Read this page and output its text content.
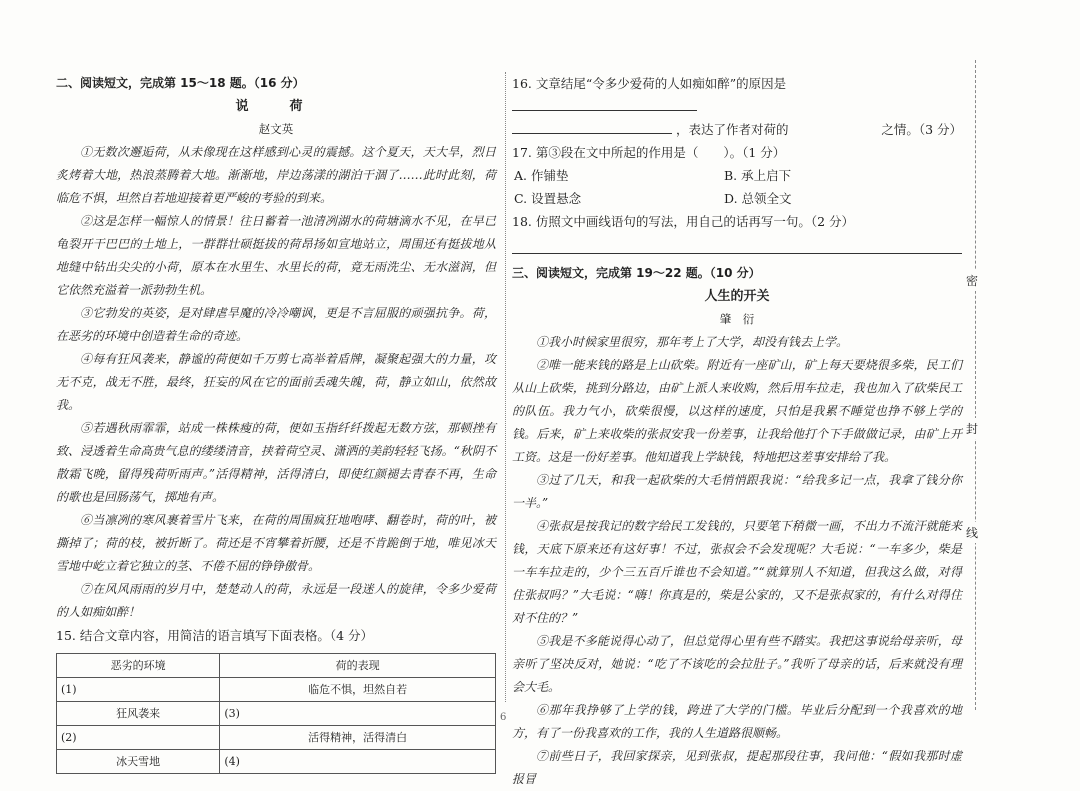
二、阅读短文，完成第 15～18 题。（16 分）
说　荷
赵文英
①无数次邂逅荷，从未像现在这样感到心灵的震撼。这个夏天，天大旱，烈日炙烤着大地，热浪蒸腾着大地。渐渐地，岸边荡漾的湖泊干涸了……此时此刻，荷临危不惧，坦然自若地迎接着更严峻的考验的到来。
②这是怎样一幅惊人的情景！往日蓄着一池清冽湖水的荷塘滴水不见，在早已龟裂开干巴巴的土地上，一群群壮硕挺拔的荷昂扬如宣地站立，周围还有挺拔地从地缝中钻出尖尖的小荷，原本在水里生、水里长的荷，竟无雨洗尘、无水滋润，但它依然充溢着一派勃勃生机。
③它勃发的英姿，是对肆虐旱魔的冷冷嘲讽，更是不言屈服的顽强抗争。荷，在恶劣的环境中创造着生命的奇迹。
④每有狂风袭来，静谧的荷便如千万剪七高举着盾牌，凝聚起强大的力量，攻无不克，战无不胜，最终，狂妄的风在它的面前丢魂失魄，荷，静立如山，依然故我。
⑤若遇秋雨霏霏，站成一株株瘦的荷，便如玉指纤纤拨起无数方弦，那顿挫有致、浸透着生命高贵气息的缕缕清音，挟着荷空灵、潇洒的美韵轻轻飞扬。“秋阴不散霜飞晚，留得残荷听雨声。”活得精神，活得清白，即使红颜褪去青春不再，生命的歌也是回肠荡气，掷地有声。
⑥当凛冽的寒风裹着雪片飞来，在荷的周围疯狂地咆哮、翻卷时，荷的叶，被撕掉了；荷的枝，被折断了。荷还是不宵攀着折腰，还是不肯跪倒于地，唯见冰天雪地中屹立着它独立的茎、不倦不屈的铮铮傲骨。
⑦在风风雨雨的岁月中，楚楚动人的荷，永远是一段迷人的旋律，令多少爱荷的人如痴如醉！
15. 结合文章内容，用简洁的语言填写下面表格。（4 分）
恶劣的环境	荷的表现
(1)	临危不惧，坦然自若
狂风袭来	(3)
(2)	活得精神，活得清白
冰天雪地	(4)
16. 文章结尾“令多少爱荷的人如痴如醉”的原因是
，表达了作者对荷的	之情。（3 分）
17. 第③段在文中所起的作用是（　　）。（1 分）
A. 作铺垫	B. 承上启下
C. 设置悬念	D. 总领全文
18. 仿照文中画线语句的写法，用自己的话再写一句。（2 分）
三、阅读短文，完成第 19～22 题。（10 分）
人生的开关
肇　衍
①我小时候家里很穷，那年考上了大学，却没有钱去上学。
②唯一能来钱的路是上山砍柴。附近有一座矿山，矿上每天要烧很多柴，民工们从山上砍柴，挑到分路边，由矿上派人来收购，然后用车拉走，我也加入了砍柴民工的队伍。我力气小，砍柴很慢，以这样的速度，只怕是我累不睡觉也挣不够上学的钱。后来，矿上来收柴的张叔安我一份差事，让我给他打个下手做做记录，由矿上开工资。这是一份好差事。他知道我上学缺钱，特地把这差事安排给了我。
③过了几天，和我一起砍柴的大毛悄悄跟我说：“给我多记一点，我拿了钱分你一半。”
④张叔是按我记的数字给民工发钱的，只要笔下稍微一画，不出力不流汗就能来钱，天底下原来还有这好事！不过，张叔会不会发现呢？大毛说：“一车多少，柴是一车车拉走的，少个三五百斤谁也不会知道。”“就算别人不知道，但我这么做，对得住张叔吗？”大毛说：“嗨！你真是的，柴是公家的，又不是张叔家的，有什么对得住对不住的？”
⑤我是不多能说得心动了，但总觉得心里有些不踏实。我把这事说给母亲听，母亲听了坚决反对，她说：“吃了不该吃的会拉肚子。”我听了母亲的话，后来就没有理会大毛。
⑥那年我挣够了上学的钱，跨进了大学的门槛。毕业后分配到一个我喜欢的地方，有了一份我喜欢的工作，我的人生道路很顺畅。
⑦前些日子，我回家探亲，见到张叔，提起那段往事，我问他：“假如我那时虚报冒
密
封
线
6
